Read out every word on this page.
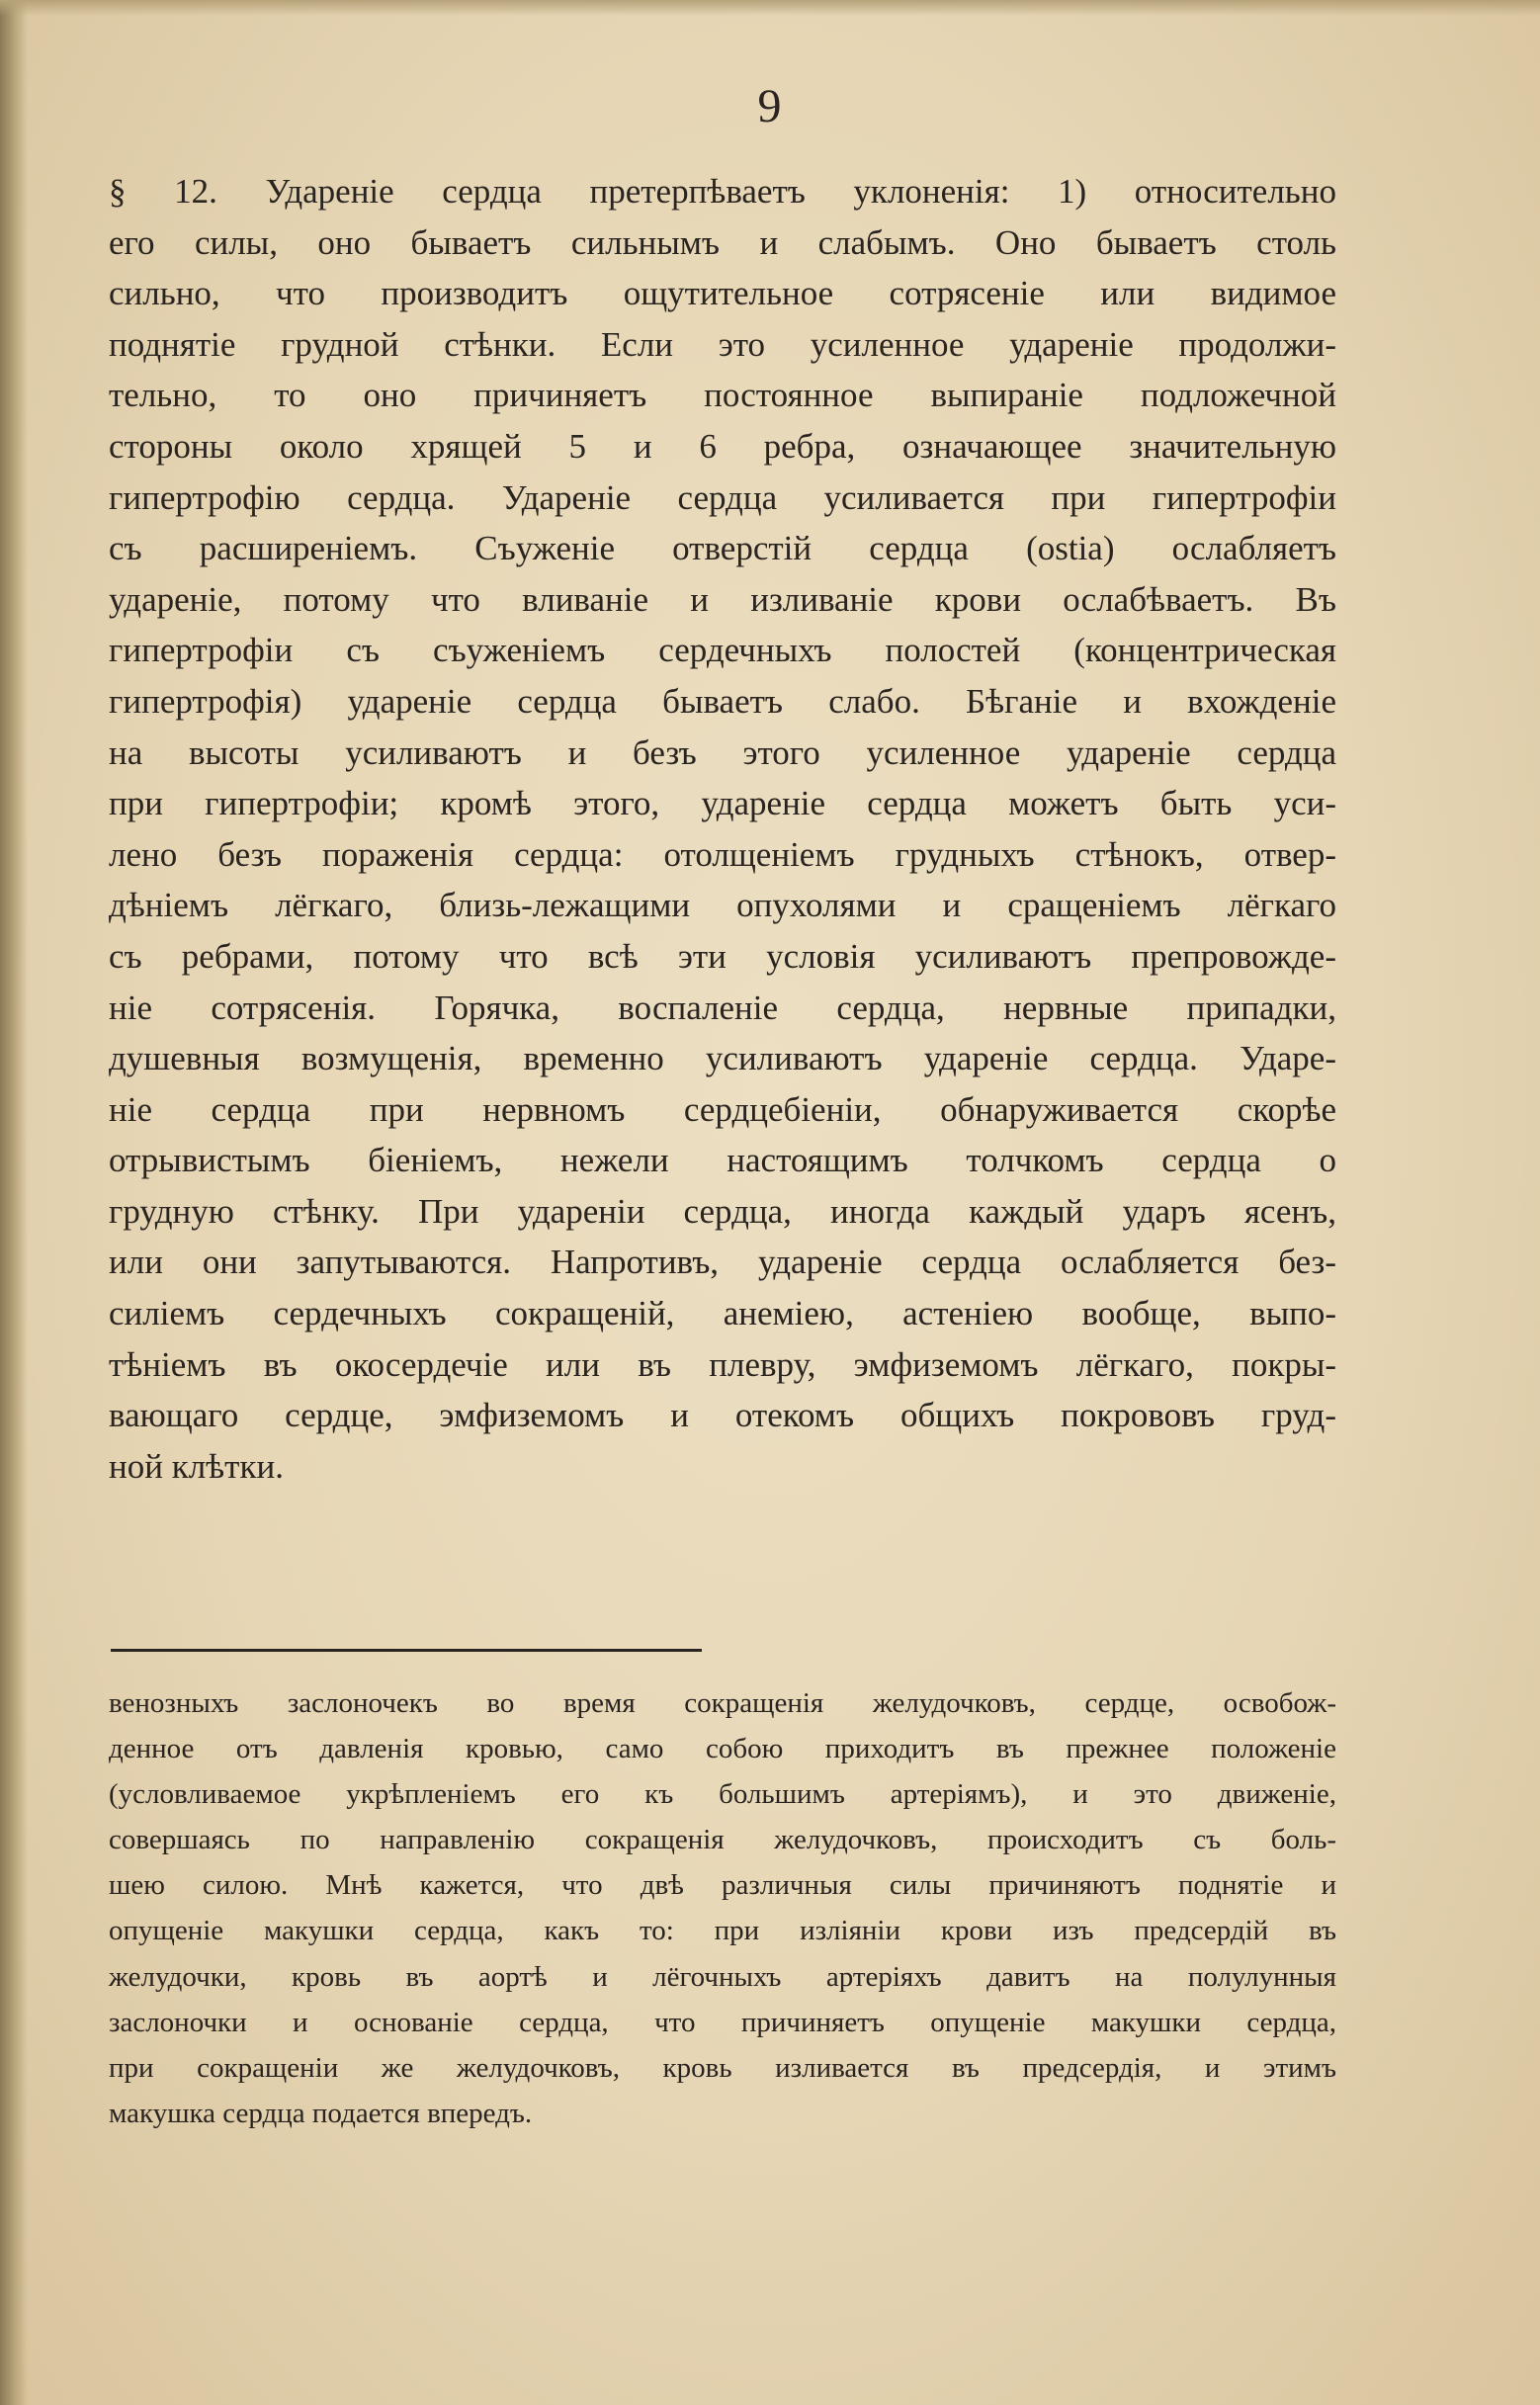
9
§ 12. Удареніе сердца претерпѣваетъ уклоненія: 1) относительно
его силы, оно бываетъ сильнымъ и слабымъ. Оно бываетъ столь
сильно, что производитъ ощутительное сотрясеніе или видимое
поднятіе грудной стѣнки. Если это усиленное удареніе продолжи-
тельно, то оно причиняетъ постоянное выпираніе подложечной
стороны около хрящей 5 и 6 ребра, означающее значительную
гипертрофію сердца. Удареніе сердца усиливается при гипертрофіи
съ расширеніемъ. Съуженіе отверстій сердца (ostia) ослабляетъ
удареніе, потому что вливаніе и изливаніе крови ослабѣваетъ. Въ
гипертрофіи съ съуженіемъ сердечныхъ полостей (концентрическая
гипертрофія) удареніе сердца бываетъ слабо. Бѣганіе и вхожденіе
на высоты усиливаютъ и безъ этого усиленное удареніе сердца
при гипертрофіи; кромѣ этого, удареніе сердца можетъ быть уси-
лено безъ пораженія сердца: отолщеніемъ грудныхъ стѣнокъ, отвер-
дѣніемъ лёгкаго, близь-лежащими опухолями и сращеніемъ лёгкаго
съ ребрами, потому что всѣ эти условія усиливаютъ препровожде-
ніе сотрясенія. Горячка, воспаленіе сердца, нервные припадки,
душевныя возмущенія, временно усиливаютъ удареніе сердца. Ударе-
ніе сердца при нервномъ сердцебіеніи, обнаруживается скорѣе
отрывистымъ біеніемъ, нежели настоящимъ толчкомъ сердца о
грудную стѣнку. При удареніи сердца, иногда каждый ударъ ясенъ,
или они запутываются. Напротивъ, удареніе сердца ослабляется без-
силіемъ сердечныхъ сокращеній, анеміею, астеніею вообще, выпо-
тѣніемъ въ окосердечіе или въ плевру, эмфиземомъ лёгкаго, покры-
вающаго сердце, эмфиземомъ и отекомъ общихъ покрововъ груд-
ной клѣтки.
венозныхъ заслоночекъ во время сокращенія желудочковъ, сердце, освобож-
денное отъ давленія кровью, само собою приходитъ въ прежнее положеніе
(условливаемое укрѣпленіемъ его къ большимъ артеріямъ), и это движеніе,
совершаясь по направленію сокращенія желудочковъ, происходитъ съ боль-
шею силою. Мнѣ кажется, что двѣ различныя силы причиняютъ поднятіе и
опущеніе макушки сердца, какъ то: при изліяніи крови изъ предсердій въ
желудочки, кровь въ аортѣ и лёгочныхъ артеріяхъ давитъ на полулунныя
заслоночки и основаніе сердца, что причиняетъ опущеніе макушки сердца,
при сокращеніи же желудочковъ, кровь изливается въ предсердія, и этимъ
макушка сердца подается впередъ.
